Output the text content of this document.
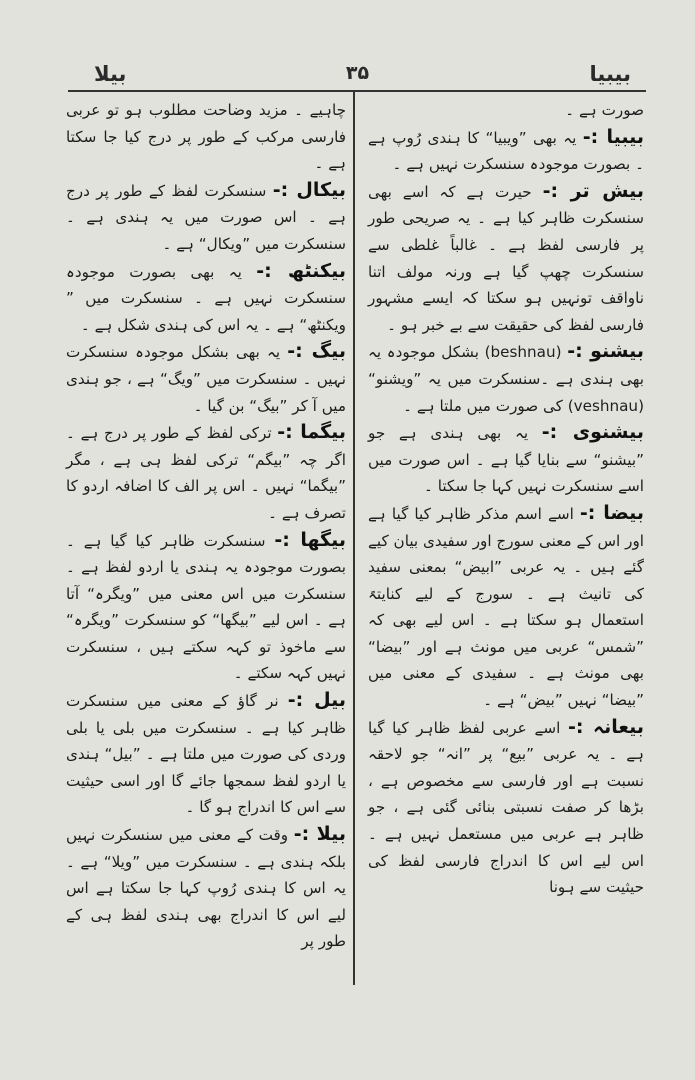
بیلا	۳۵	بیبیا

صورت ہے ۔

بیبیا :- یہ بھی ”ویبیا“ کا ہندی رُوپ ہے ۔ بصورت موجودہ سنسکرت نہیں ہے ۔

بیش تر :- حیرت ہے کہ اسے بھی سنسکرت ظاہر کیا ہے ۔ یہ صریحی طور پر فارسی لفظ ہے ۔ غالباً غلطی سے سنسکرت چھپ گیا ہے ورنہ مولف اتنا ناواقف تونہیں ہو سکتا کہ ایسے مشہور فارسی لفظ کی حقیقت سے بے خبر ہو ۔

بیشنو :- (beshnau) بشکل موجودہ یہ بھی ہندی ہے ۔سنسکرت میں یہ ”ویشنو“ (veshnau) کی صورت میں ملتا ہے ۔

بیشنوی :- یہ بھی ہندی ہے جو ”بیشنو“ سے بنایا گیا ہے ۔ اس صورت میں اسے سنسکرت نہیں کہا جا سکتا ۔

بیضا :- اسے اسم مذکر ظاہر کیا گیا ہے اور اس کے معنی سورج اور سفیدی بیان کیے گئے ہیں ۔ یہ عربی ”ابیض“ بمعنی سفید کی تانیث ہے ۔ سورج کے لیے کنایتہً استعمال ہو سکتا ہے ۔ اس لیے بھی کہ ”شمس“ عربی میں مونث ہے اور ”بیضا“ بھی مونث ہے ۔ سفیدی کے معنی میں ”بیضا“ نہیں ”بیض“ ہے ۔

بیعانہ :- اسے عربی لفظ ظاہر کیا گیا ہے ۔ یہ عربی ”بیع“ پر ”انہ“ جو لاحقہ نسبت ہے اور فارسی سے مخصوص ہے ، بڑھا کر صفت نسبتی بنائی گئی ہے ، جو ظاہر ہے عربی میں مستعمل نہیں ہے ۔ اس لیے اس کا اندراج فارسی لفظ کی حیثیت سے ہونا

چاہیے ۔ مزید وضاحت مطلوب ہو تو عربی فارسی مرکب کے طور پر درج کیا جا سکتا ہے ۔

بیکال :- سنسکرت لفظ کے طور پر درج ہے ۔ اس صورت میں یہ ہندی ہے ۔ سنسکرت میں ”ویکال“ ہے ۔

بیکنٹھ :- یہ بھی بصورت موجودہ سنسکرت نہیں ہے ۔ سنسکرت میں ” ویکنٹھ“ ہے ۔ یہ اس کی ہندی شکل ہے ۔

بیگ :- یہ بھی بشکل موجودہ سنسکرت نہیں ۔ سنسکرت میں ”ویگ“ ہے ، جو ہندی میں آ کر ”بیگ“ بن گیا ۔

بیگما :- ترکی لفظ کے طور پر درج ہے ۔ اگر چہ ”بیگم“ ترکی لفظ ہی ہے ، مگر ”بیگما“ نہیں ۔ اس پر الف کا اضافہ اردو کا تصرف ہے ۔

بیگھا :- سنسکرت ظاہر کیا گیا ہے ۔ بصورت موجودہ یہ ہندی یا اردو لفظ ہے ۔ سنسکرت میں اس معنی میں ”ویگرہ“ آتا ہے ۔ اس لیے ”بیگھا“ کو سنسکرت ”ویگرہ“ سے ماخوذ تو کہہ سکتے ہیں ، سنسکرت نہیں کہہ سکتے ۔

بیل :- نر گاؤ کے معنی میں سنسکرت ظاہر کیا ہے ۔ سنسکرت میں بلی یا بلی وردی کی صورت میں ملتا ہے ۔ ”بیل“ ہندی یا اردو لفظ سمجھا جائے گا اور اسی حیثیت سے اس کا اندراج ہو گا ۔

بیلا :- وقت کے معنی میں سنسکرت نہیں بلکہ ہندی ہے ۔ سنسکرت میں ”ویلا“ ہے ۔ یہ اس کا ہندی رُوپ کہا جا سکتا ہے اس لیے اس کا اندراج بھی ہندی لفظ ہی کے طور پر
